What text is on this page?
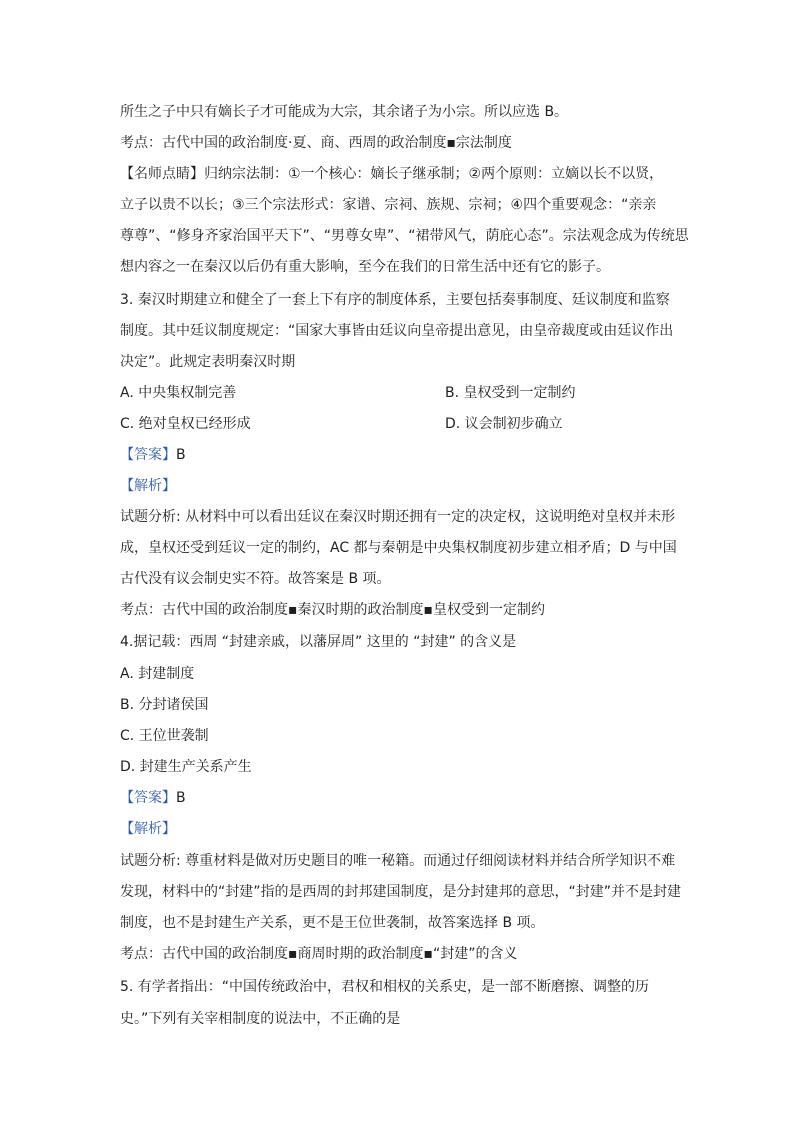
所生之子中只有嫡长子才可能成为大宗，其余诸子为小宗。所以应选 B。
考点：古代中国的政治制度·夏、商、西周的政治制度▪宗法制度
【名师点睛】归纳宗法制：①一个核心：嫡长子继承制；②两个原则：立嫡以长不以贤，
立子以贵不以长；③三个宗法形式：家谱、宗祠、族规、宗祠；④四个重要观念：“亲亲
尊尊”、“修身齐家治国平天下”、“男尊女卑”、“裙带风气，荫庇心态”。宗法观念成为传统思
想内容之一在秦汉以后仍有重大影响，至今在我们的日常生活中还有它的影子。
3. 秦汉时期建立和健全了一套上下有序的制度体系，主要包括奏事制度、廷议制度和监察
制度。其中廷议制度规定：“国家大事皆由廷议向皇帝提出意见，由皇帝裁度或由廷议作出
决定”。此规定表明秦汉时期
A. 中央集权制完善	B. 皇权受到一定制约
C. 绝对皇权已经形成	D. 议会制初步确立
【答案】B
【解析】
试题分析: 从材料中可以看出廷议在秦汉时期还拥有一定的决定权，这说明绝对皇权并未形
成，皇权还受到廷议一定的制约，AC 都与秦朝是中央集权制度初步建立相矛盾；D 与中国
古代没有议会制史实不符。故答案是 B 项。
考点：古代中国的政治制度▪秦汉时期的政治制度▪皇权受到一定制约
4.据记载：西周 “封建亲戚，以藩屏周” 这里的 “封建” 的含义是
A. 封建制度
B. 分封诸侯国
C. 王位世袭制
D. 封建生产关系产生
【答案】B
【解析】
试题分析: 尊重材料是做对历史题目的唯一秘籍。而通过仔细阅读材料并结合所学知识不难
发现，材料中的“封建”指的是西周的封邦建国制度，是分封建邦的意思，“封建”并不是封建
制度，也不是封建生产关系，更不是王位世袭制，故答案选择 B 项。
考点：古代中国的政治制度▪商周时期的政治制度▪“封建”的含义
5. 有学者指出：“中国传统政治中，君权和相权的关系史，是一部不断磨擦、调整的历
史。”下列有关宰相制度的说法中，不正确的是
